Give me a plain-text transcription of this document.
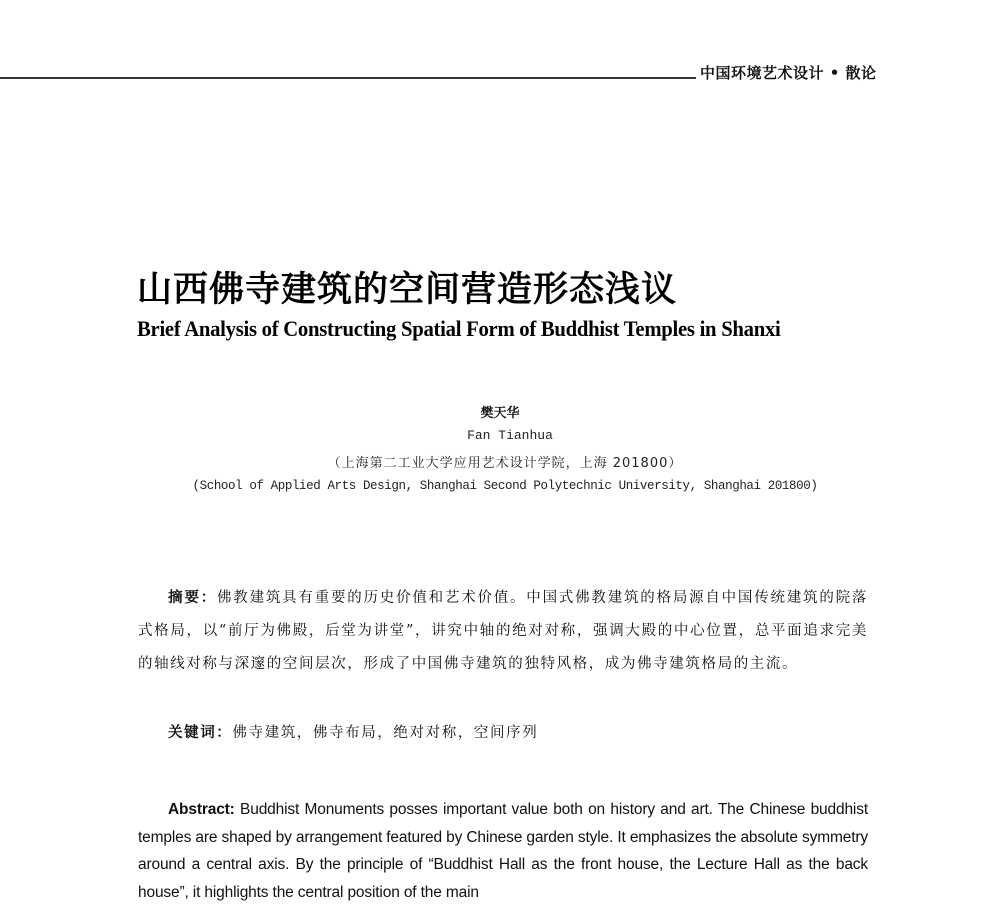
中国环境艺术设计 • 散论
山西佛寺建筑的空间营造形态浅议
Brief Analysis of Constructing Spatial Form of Buddhist Temples in Shanxi
樊天华
Fan Tianhua
（上海第二工业大学应用艺术设计学院，上海 201800）
(School of Applied Arts Design, Shanghai Second Polytechnic University, Shanghai 201800)
摘要：佛教建筑具有重要的历史价值和艺术价值。中国式佛教建筑的格局源自中国传统建筑的院落式格局，以“前厅为佛殿，后堂为讲堂”，讲究中轴的绝对对称，强调大殿的中心位置，总平面追求完美的轴线对称与深邃的空间层次，形成了中国佛寺建筑的独特风格，成为佛寺建筑格局的主流。
关键词：佛寺建筑，佛寺布局，绝对对称，空间序列
Abstract: Buddhist Monuments posses important value both on history and art. The Chinese buddhist temples are shaped by arrangement featured by Chinese garden style. It emphasizes the absolute symmetry around a central axis. By the principle of “Buddhist Hall as the front house, the Lecture Hall as the back house”, it highlights the central position of the main
